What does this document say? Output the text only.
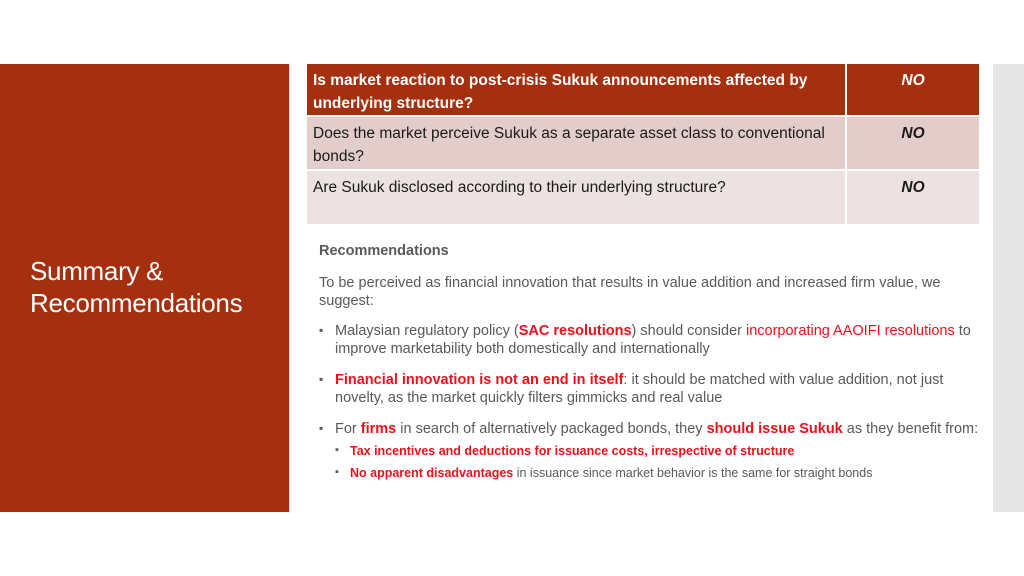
Summary &
Recommendations
Is market reaction to post-crisis Sukuk announcements affected by underlying structure?	NO
Does the market perceive Sukuk as a separate asset class to conventional bonds?	NO
Are Sukuk disclosed according to their underlying structure?	NO
Recommendations
To be perceived as financial innovation that results in value addition and increased firm value, we suggest:
▪ Malaysian regulatory policy (SAC resolutions) should consider incorporating AAOIFI resolutions to improve marketability both domestically and internationally
▪ Financial innovation is not an end in itself: it should be matched with value addition, not just novelty, as the market quickly filters gimmicks and real value
▪ For firms in search of alternatively packaged bonds, they should issue Sukuk as they benefit from:
▪ Tax incentives and deductions for issuance costs, irrespective of structure
▪ No apparent disadvantages in issuance since market behavior is the same for straight bonds
